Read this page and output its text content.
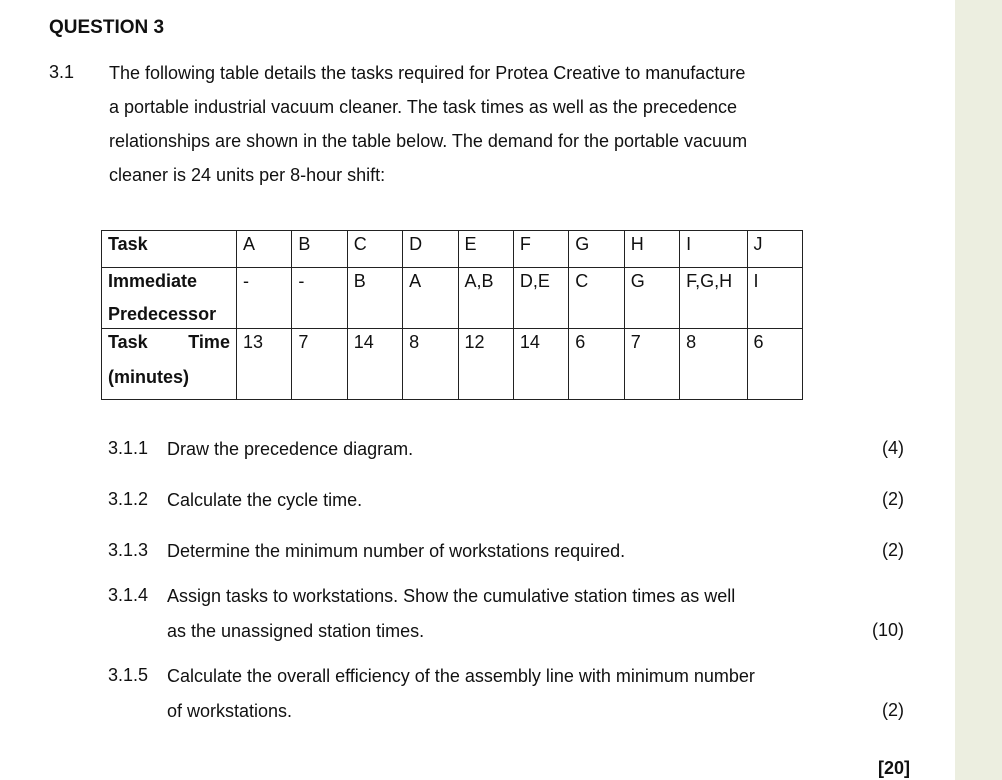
QUESTION 3
3.1 The following table details the tasks required for Protea Creative to manufacture
a portable industrial vacuum cleaner. The task times as well as the precedence
relationships are shown in the table below. The demand for the portable vacuum
cleaner is 24 units per 8-hour shift:
Task	A	B	C	D	E	F	G	H	I	J

Immediate
Predecessor	-	-	B	A	A,B	D,E	C	G	F,G,H	I

Task Time
(minutes)	13	7	14	8	12	14	6	7	8	6
3.1.1 Draw the precedence diagram.	(4)
3.1.2 Calculate the cycle time.	(2)
3.1.3 Determine the minimum number of workstations required.	(2)
3.1.4 Assign tasks to workstations. Show the cumulative station times as well
as the unassigned station times.	(10)
3.1.5 Calculate the overall efficiency of the assembly line with minimum number
of workstations.	(2)
[20]
